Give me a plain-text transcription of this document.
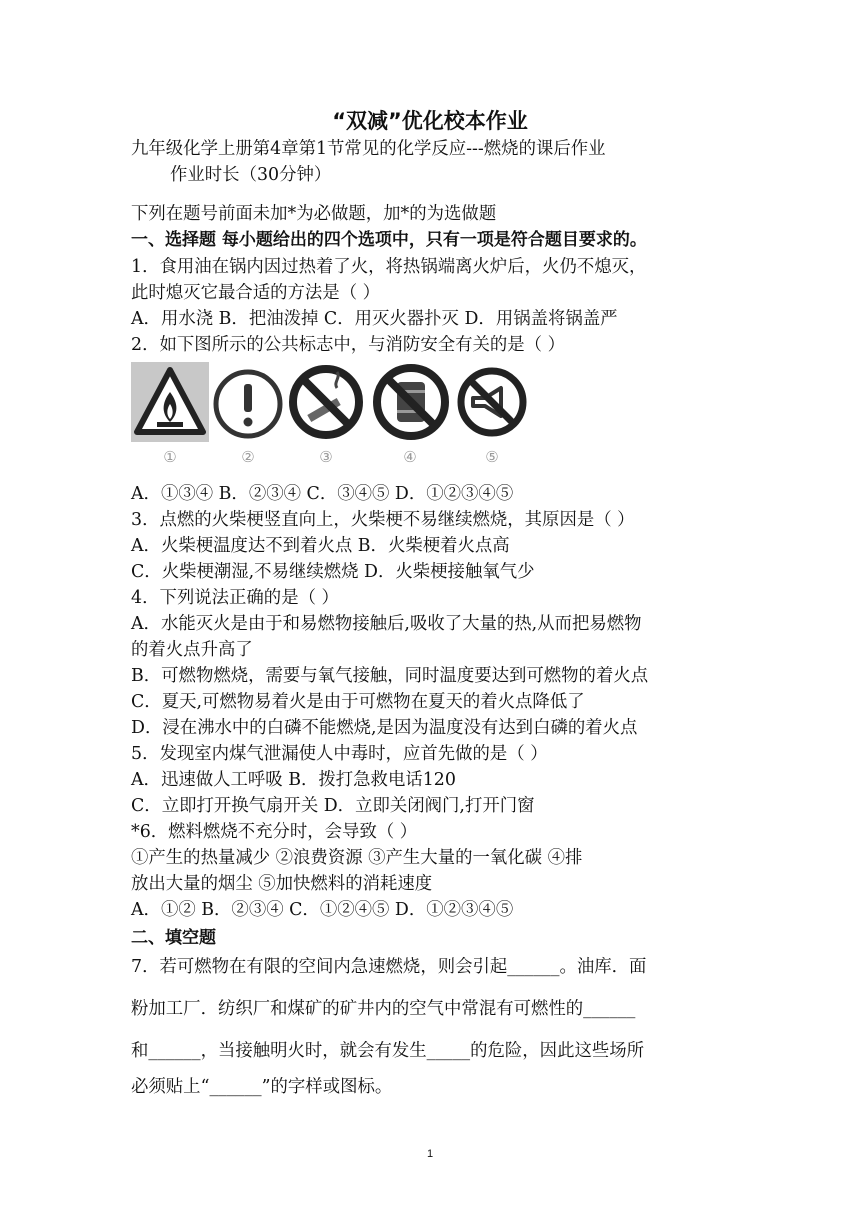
“双减”优化校本作业
九年级化学上册第4章第1节常见的化学反应---燃烧的课后作业
作业时长（30分钟）
下列在题号前面未加*为必做题，加*的为选做题
一、选择题 每小题给出的四个选项中，只有一项是符合题目要求的。
1．食用油在锅内因过热着了火，将热锅端离火炉后，火仍不熄灭，
此时熄灭它最合适的方法是（ ）
A．用水浇 B．把油泼掉 C．用灭火器扑灭 D．用锅盖将锅盖严
2．如下图所示的公共标志中，与消防安全有关的是（ ）
①	②	③	④	⑤
A．①③④ B．②③④ C．③④⑤ D．①②③④⑤
3．点燃的火柴梗竖直向上，火柴梗不易继续燃烧，其原因是（ ）
A．火柴梗温度达不到着火点 B．火柴梗着火点高
C．火柴梗潮湿,不易继续燃烧 D．火柴梗接触氧气少
4．下列说法正确的是（ ）
A．水能灭火是由于和易燃物接触后,吸收了大量的热,从而把易燃物
的着火点升高了
B．可燃物燃烧，需要与氧气接触，同时温度要达到可燃物的着火点
C．夏天,可燃物易着火是由于可燃物在夏天的着火点降低了
D．浸在沸水中的白磷不能燃烧,是因为温度没有达到白磷的着火点
5．发现室内煤气泄漏使人中毒时，应首先做的是（ ）
A．迅速做人工呼吸 B．拨打急救电话120
C．立即打开换气扇开关 D．立即关闭阀门,打开门窗
*6．燃料燃烧不充分时，会导致（ ）
①产生的热量减少 ②浪费资源 ③产生大量的一氧化碳 ④排
放出大量的烟尘 ⑤加快燃料的消耗速度
A．①② B．②③④ C．①②④⑤ D．①②③④⑤
二、填空题
7．若可燃物在有限的空间内急速燃烧，则会引起______。油库．面
粉加工厂．纺织厂和煤矿的矿井内的空气中常混有可燃性的______
和______，当接触明火时，就会有发生_____的危险，因此这些场所
必须贴上“______”的字样或图标。
1
